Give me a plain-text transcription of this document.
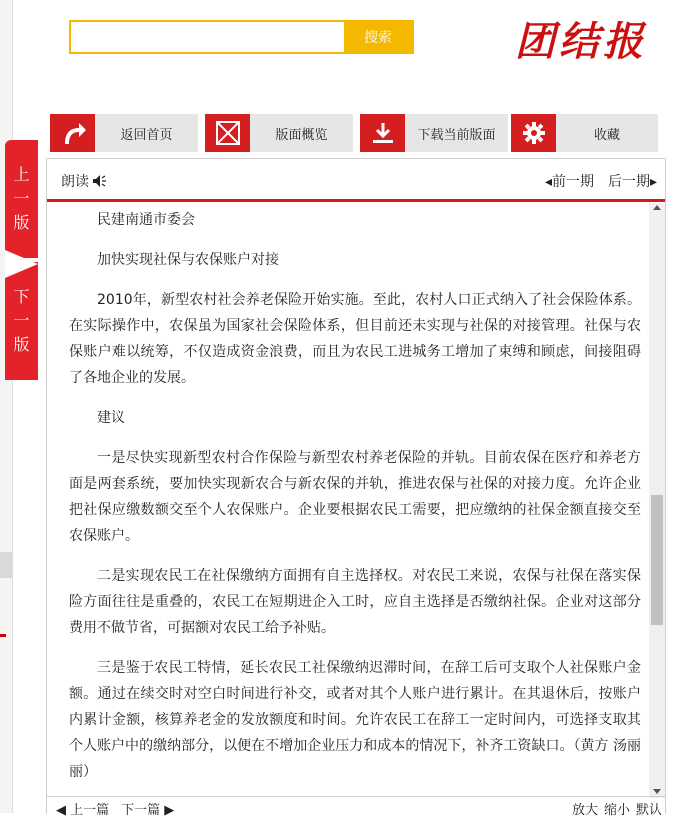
搜索	团结报
返回首页	版面概览	下载当前版面	收藏
上
一
版
下
一
版
朗读	◂前一期 后一期▸

民建南通市委会

加快实现社保与农保账户对接

2010年，新型农村社会养老保险开始实施。至此，农村人口正式纳入了社会保险体系。在实际操作中，农保虽为国家社会保险体系，但目前还未实现与社保的对接管理。社保与农保账户难以统筹，不仅造成资金浪费，而且为农民工进城务工增加了束缚和顾虑，间接阻碍了各地企业的发展。

建议

一是尽快实现新型农村合作保险与新型农村养老保险的并轨。目前农保在医疗和养老方面是两套系统，要加快实现新农合与新农保的并轨，推进农保与社保的对接力度。允许企业把社保应缴数额交至个人农保账户。企业要根据农民工需要，把应缴纳的社保金额直接交至农保账户。

二是实现农民工在社保缴纳方面拥有自主选择权。对农民工来说，农保与社保在落实保险方面往往是重叠的，农民工在短期进企入工时，应自主选择是否缴纳社保。企业对这部分费用不做节省，可据额对农民工给予补贴。

三是鉴于农民工特情，延长农民工社保缴纳迟滞时间，在辞工后可支取个人社保账户金额。通过在续交时对空白时间进行补交，或者对其个人账户进行累计。在其退休后，按账户内累计金额，核算养老金的发放额度和时间。允许农民工在辞工一定时间内，可选择支取其个人账户中的缴纳部分，以便在不增加企业压力和成本的情况下，补齐工资缺口。（黄方 汤丽丽）

◀ 上一篇 下一篇 ▶	放大 缩小 默认
